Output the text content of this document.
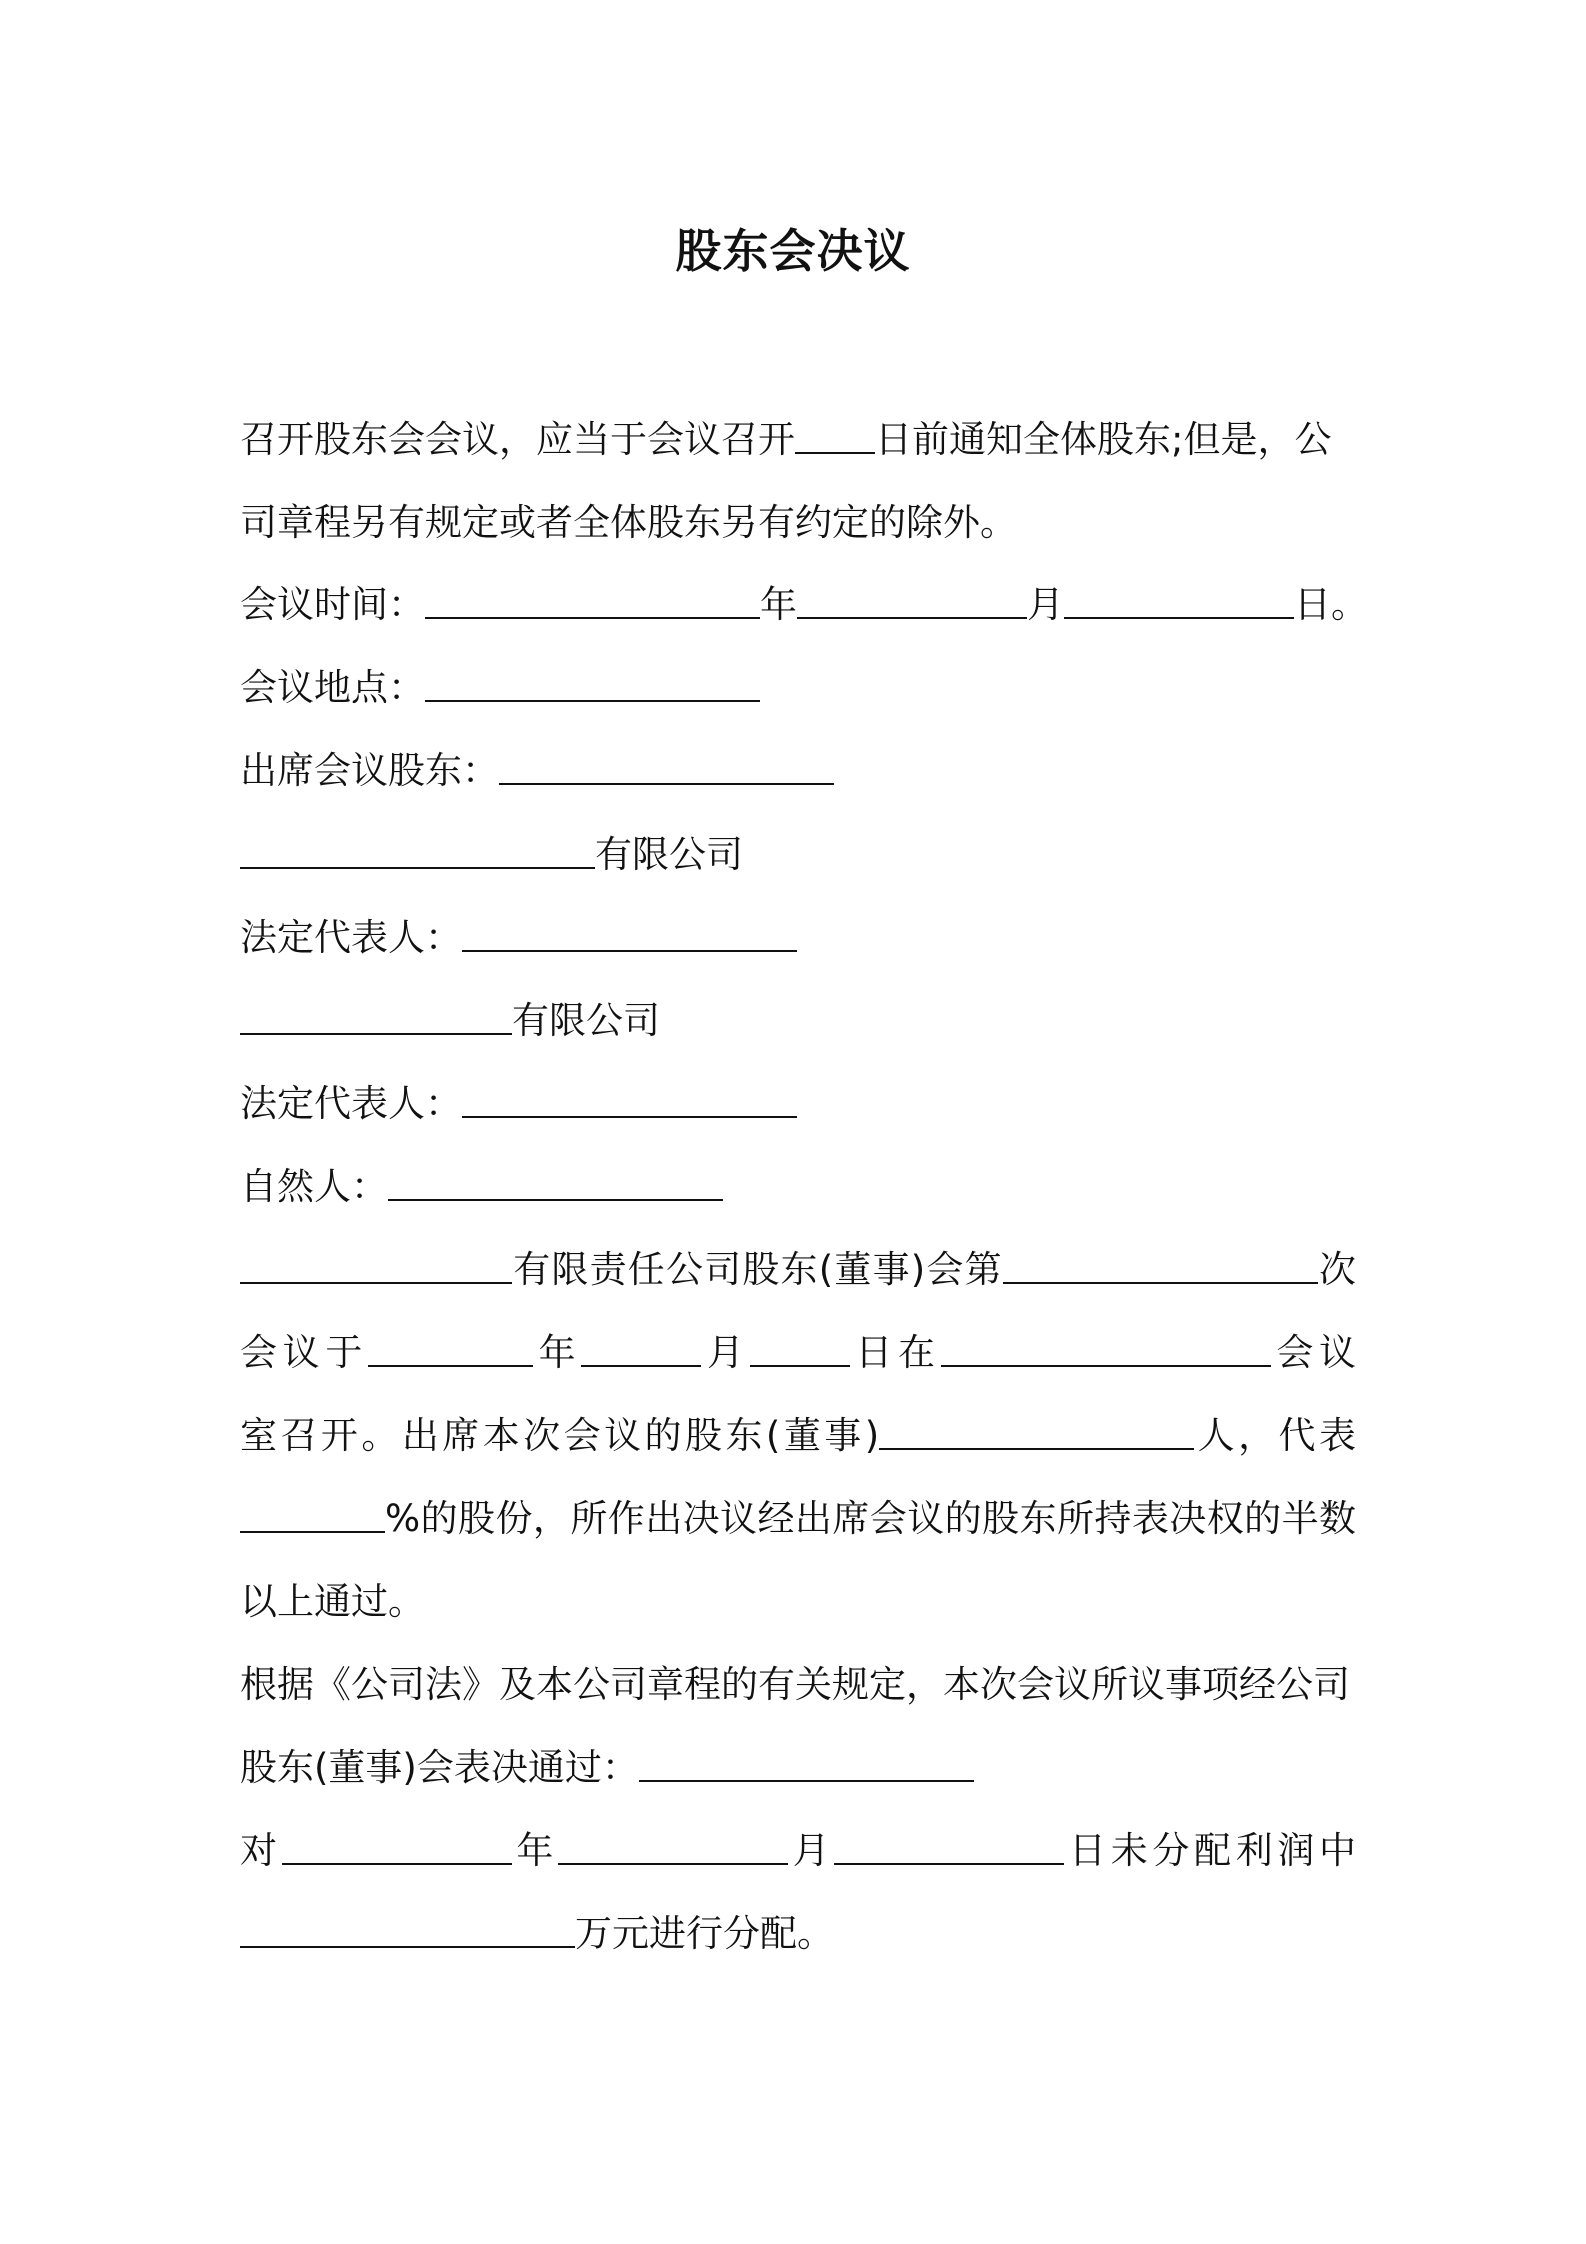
股东会决议
召开股东会会议，应当于会议召开 日前通知全体股东;但是，公
司章程另有规定或者全体股东另有约定的除外。
会议时间：	年	月	日。
会议地点：
出席会议股东：
有限公司
法定代表人：
有限公司
法定代表人：
自然人：
有限责任公司股东(董事)会第	次
会议于	年	月	日在	会议
室召开。出席本次会议的股东(董事)	人，代表
%的股份，所作出决议经出席会议的股东所持表决权的半数
以上通过。
根据《公司法》及本公司章程的有关规定，本次会议所议事项经公司
股东(董事)会表决通过：
对	年	月	日未分配利润中
万元进行分配。
